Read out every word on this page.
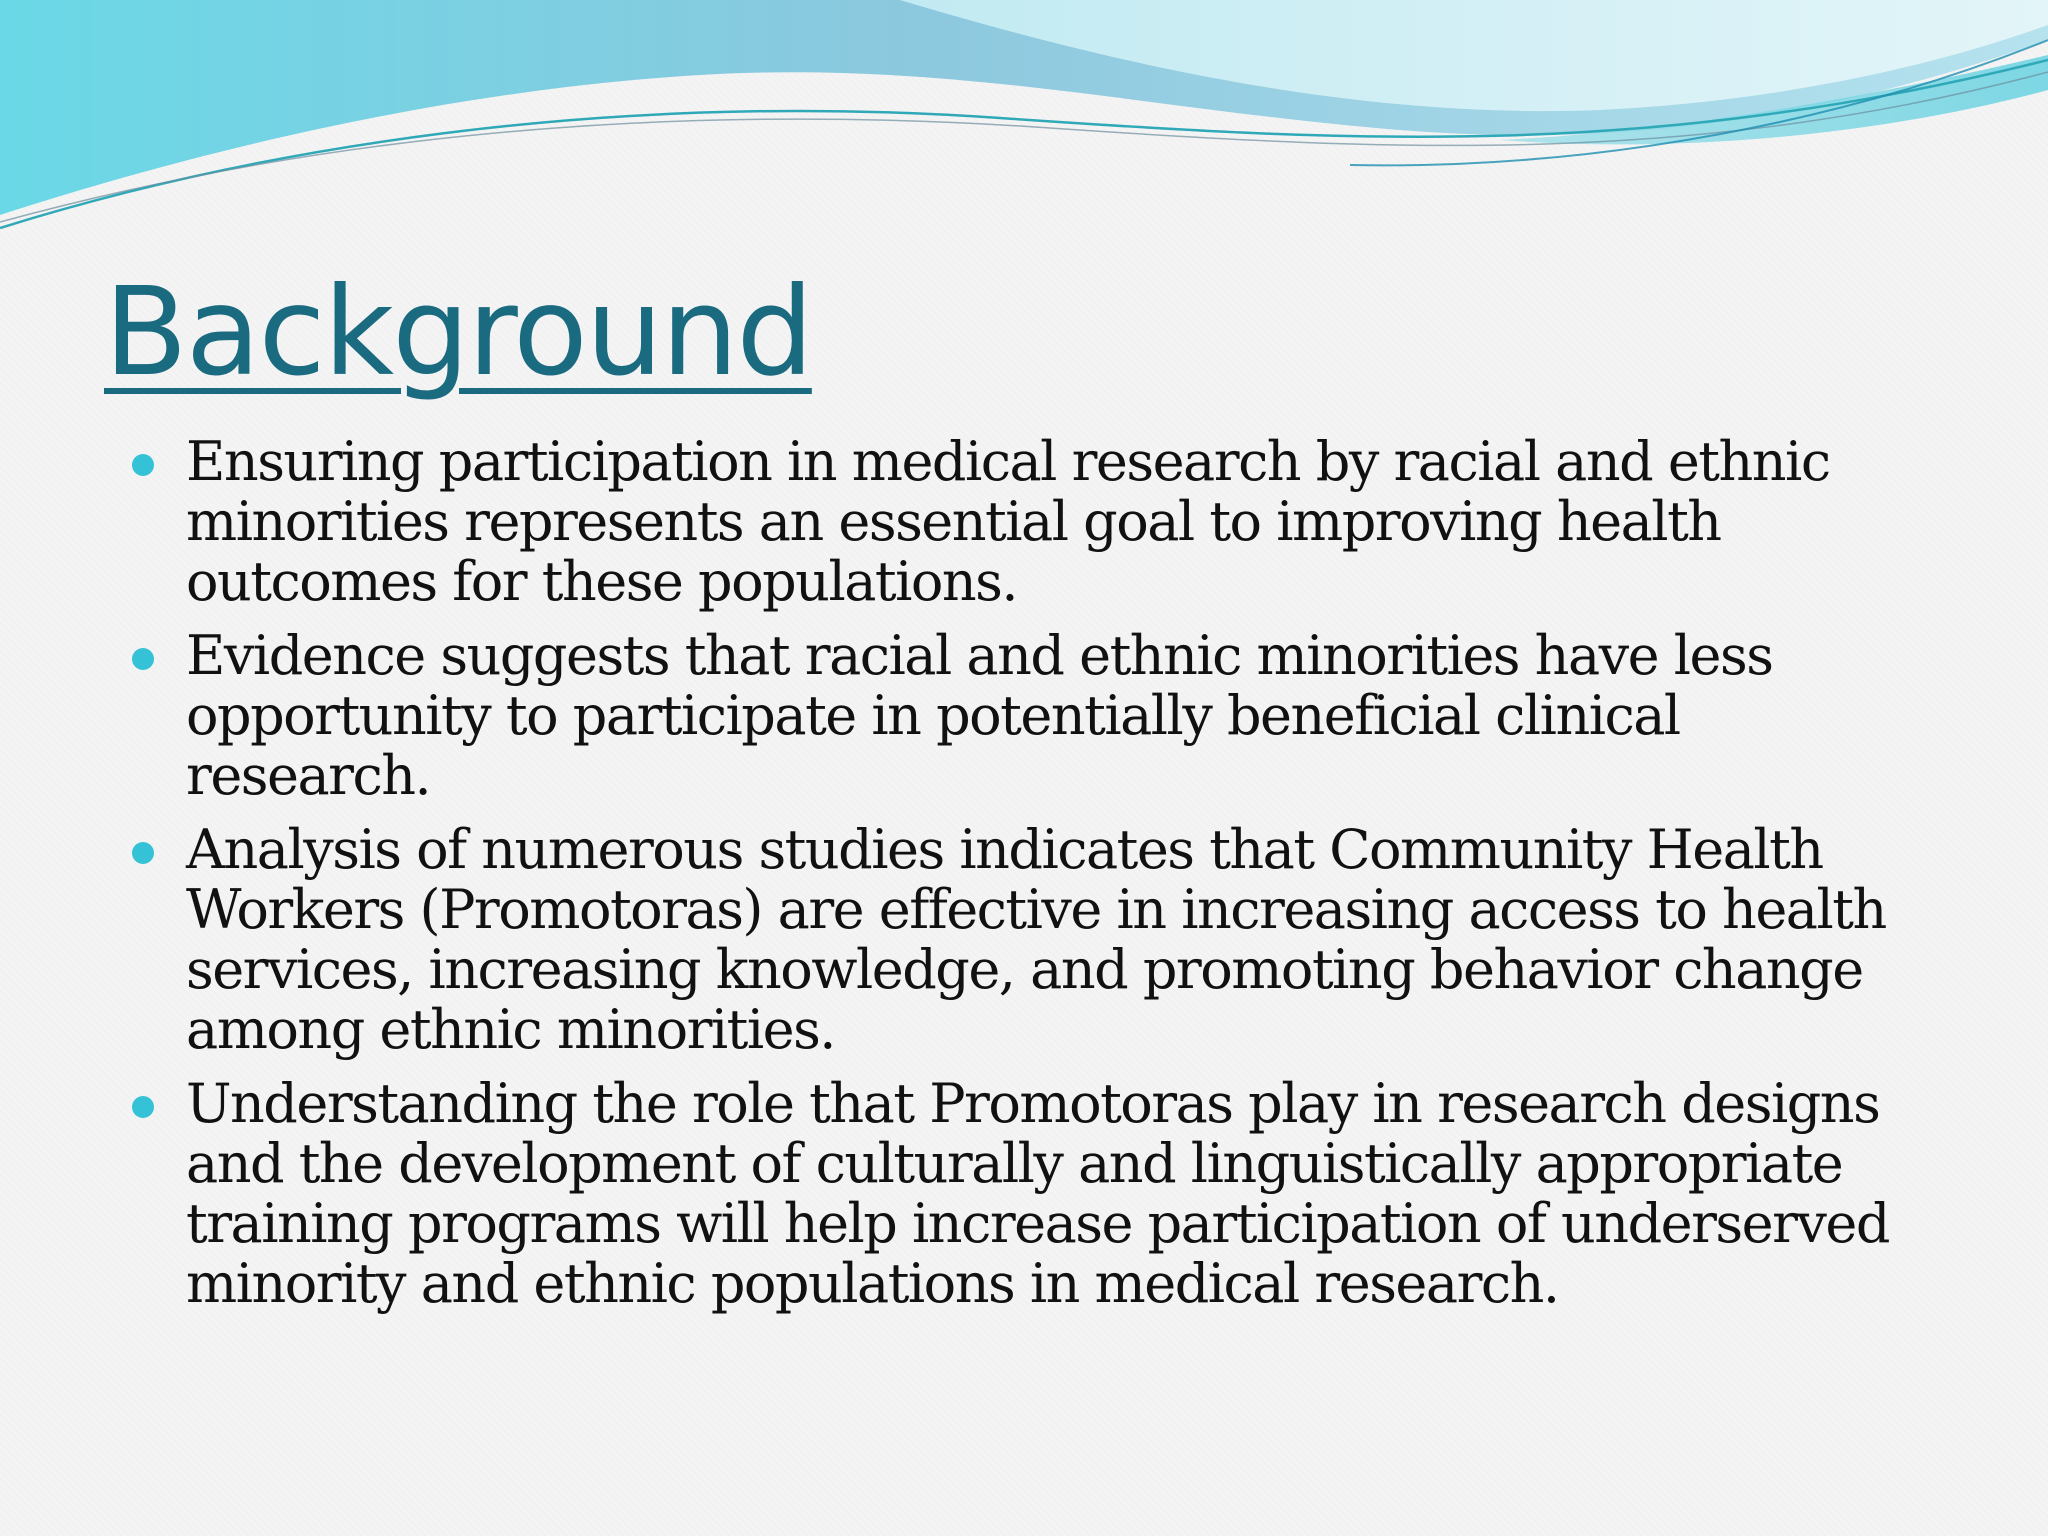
Background
Ensuring participation in medical research by racial and ethnic minorities represents an essential goal to improving health outcomes for these populations.
Evidence suggests that racial and ethnic minorities have less opportunity to participate in potentially beneficial clinical research.
Analysis of numerous studies indicates that Community Health Workers (Promotoras) are effective in increasing access to health services, increasing knowledge, and promoting behavior change among ethnic minorities.
Understanding the role that Promotoras play in research designs and the development of culturally and linguistically appropriate training programs will help increase participation of underserved minority and ethnic populations in medical research.
